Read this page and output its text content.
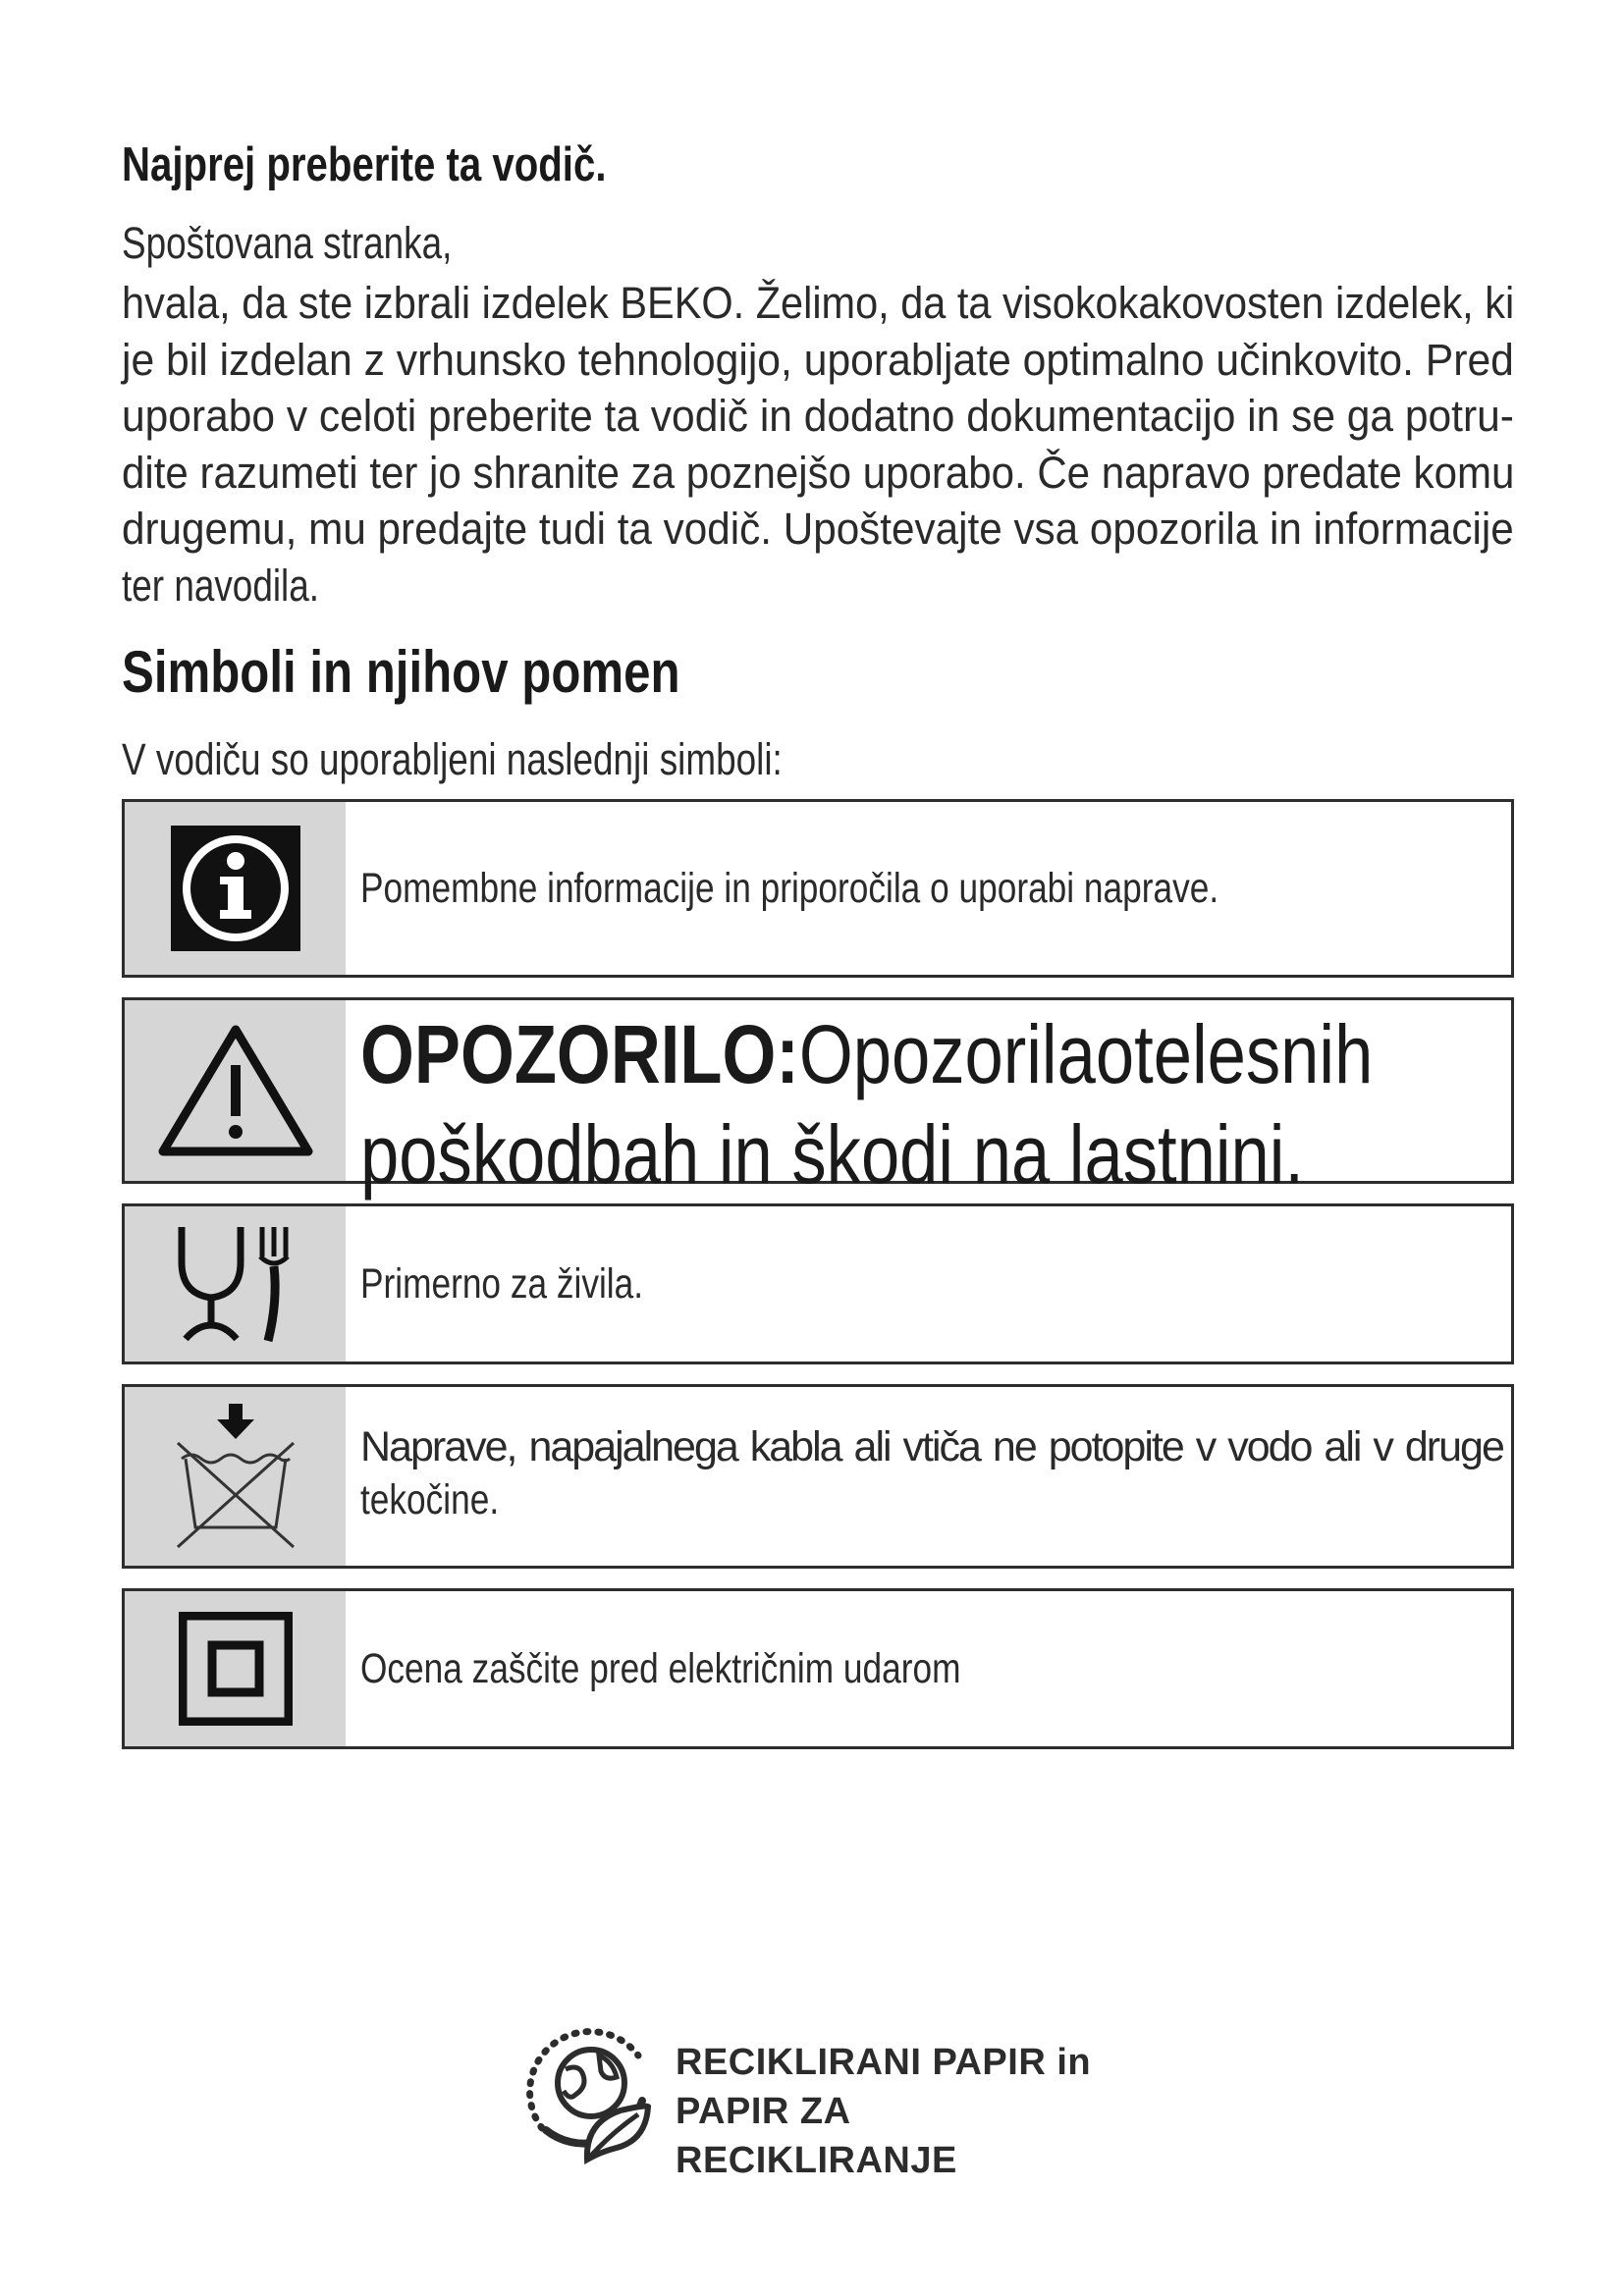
Najprej preberite ta vodič.
Spoštovana stranka,
hvala, da ste izbrali izdelek BEKO. Želimo, da ta visokokakovosten izdelek, ki
je bil izdelan z vrhunsko tehnologijo, uporabljate optimalno učinkovito. Pred
uporabo v celoti preberite ta vodič in dodatno dokumentacijo in se ga potru-
dite razumeti ter jo shranite za poznejšo uporabo. Če napravo predate komu
drugemu, mu predajte tudi ta vodič. Upoštevajte vsa opozorila in informacije
ter navodila.
Simboli in njihov pomen
V vodiču so uporabljeni naslednji simboli:
Pomembne informacije in priporočila o uporabi naprave.
OPOZORILO: Opozorila o telesnih
poškodbah in škodi na lastnini.
Primerno za živila.
Naprave, napajalnega kabla ali vtiča ne potopite v vodo ali v druge
tekočine.
Ocena zaščite pred električnim udarom
RECIKLIRANI PAPIR in
PAPIR ZA RECIKLIRANJE
